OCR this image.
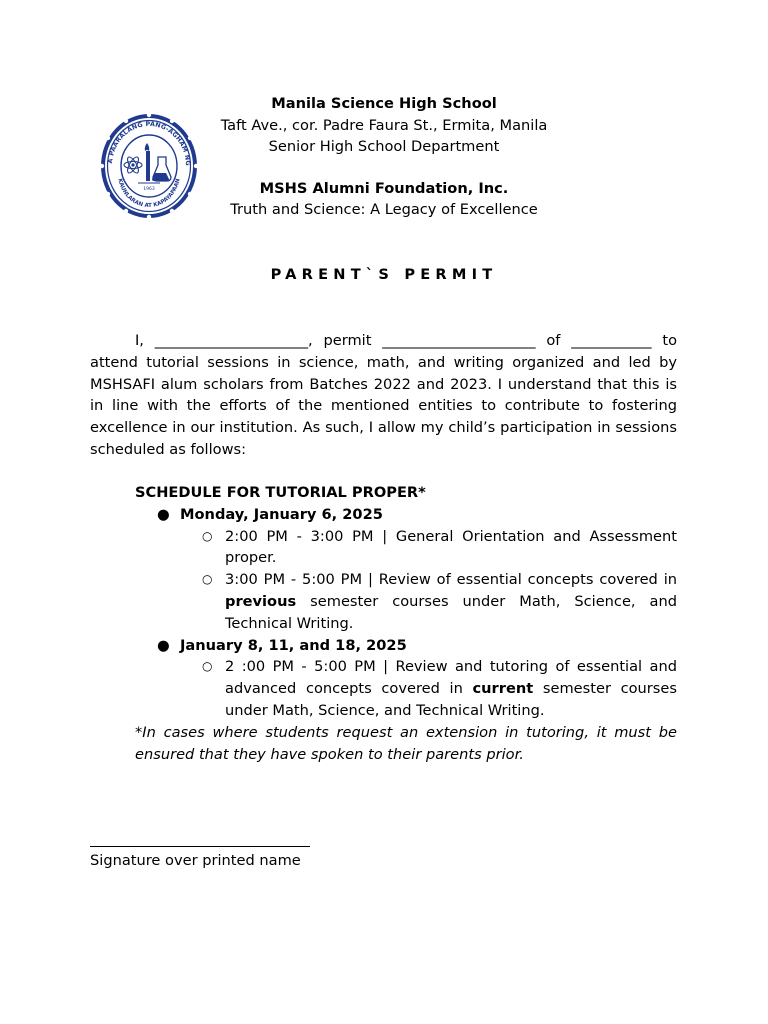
A PAARALANG PANG-AGHAM NG
KAUNLARAN AT KAPAYAPAAN
1963
Manila Science High School
Taft Ave., cor. Padre Faura St., Ermita, Manila
Senior High School Department
MSHS Alumni Foundation, Inc.
Truth and Science: A Legacy of Excellence
PARENT`S PERMIT

I, _____________________, permit _____________________ of ___________ to attend tutorial sessions in science, math, and writing organized and led by MSHSAFI alum scholars from Batches 2022 and 2023. I understand that this is in line with the efforts of the mentioned entities to contribute to fostering excellence in our institution. As such, I allow my child’s participation in sessions scheduled as follows:

SCHEDULE FOR TUTORIAL PROPER*
● Monday, January 6, 2025
○ 2:00 PM - 3:00 PM | General Orientation and Assessment proper.
○ 3:00 PM - 5:00 PM | Review of essential concepts covered in previous semester courses under Math, Science, and Technical Writing.
● January 8, 11, and 18, 2025
○ 2 :00 PM - 5:00 PM | Review and tutoring of essential and advanced concepts covered in current semester courses under Math, Science, and Technical Writing.
*In cases where students request an extension in tutoring, it must be ensured that they have spoken to their parents prior.
Signature over printed name
